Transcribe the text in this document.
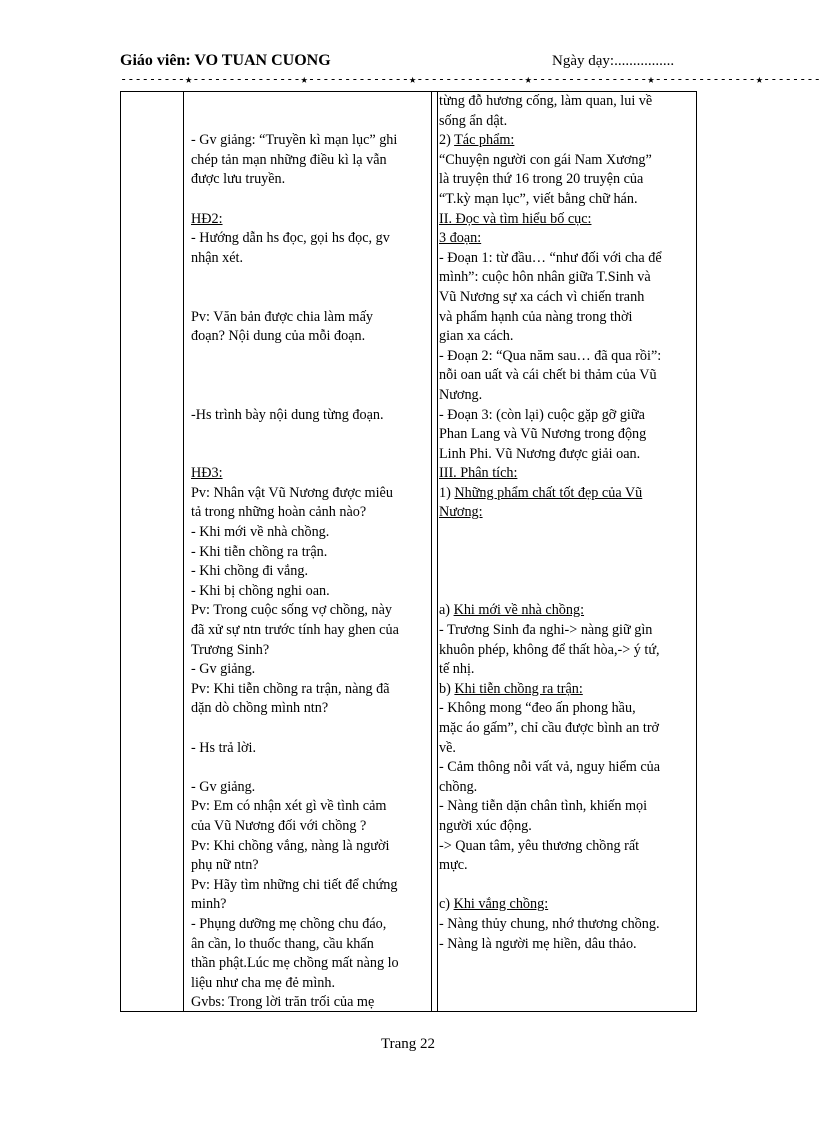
Giáo viên: VO TUAN CUONG	Ngày dạy:................
---------★---------------★--------------★---------------★----------------★--------------★--------
- Gv giảng: “Truyền kì mạn lục” ghi
chép tản mạn những điều kì lạ vẫn
được lưu truyền.
HĐ2:
- Hướng dẫn hs đọc, gọi hs đọc, gv
nhận xét.
Pv: Văn bản được chia làm mấy
đoạn? Nội dung của mỗi đoạn.
-Hs trình bày nội dung từng đoạn.
HĐ3:
Pv: Nhân vật Vũ Nương được miêu
tả trong những hoàn cảnh nào?
- Khi mới về nhà chồng.
- Khi tiễn chồng ra trận.
- Khi chồng đi vắng.
- Khi bị chồng nghi oan.
Pv: Trong cuộc sống vợ chồng, này
đã xử sự ntn trước tính hay ghen của
Trương Sinh?
- Gv giảng.
Pv: Khi tiễn chồng ra trận, nàng đã
dặn dò chồng mình ntn?
- Hs trả lời.
- Gv giảng.
Pv: Em có nhận xét gì về tình cảm
của Vũ Nương đối với chồng ?
Pv: Khi chồng vắng, nàng là người
phụ nữ ntn?
Pv: Hãy tìm những chi tiết để chứng
minh?
- Phụng dưỡng mẹ chồng chu đáo,
ân cần, lo thuốc thang, cầu khấn
thần phật.Lúc mẹ chồng mất nàng lo
liệu như cha mẹ đẻ mình.
Gvbs: Trong lời trăn trối của mẹ
từng đỗ hương cống, làm quan, lui về
sống ẩn dật.
2) Tác phẩm:
“Chuyện người con gái Nam Xương”
là truyện thứ 16 trong 20 truyện của
“T.kỳ mạn lục”, viết bằng chữ hán.
II. Đọc và tìm hiểu bố cục:
3 đoạn:
- Đoạn 1: từ đầu… “như đối với cha để
mình”: cuộc hôn nhân giữa T.Sinh và
Vũ Nương sự xa cách vì chiến tranh
và phẩm hạnh của nàng trong thời
gian xa cách.
- Đoạn 2: “Qua năm sau… đã qua rồi”:
nỗi oan uất và cái chết bi thảm của Vũ
Nương.
- Đoạn 3: (còn lại) cuộc gặp gỡ giữa
Phan Lang và Vũ Nương trong động
Linh Phi. Vũ Nương được giải oan.
III. Phân tích:
1) Những phẩm chất tốt đẹp của Vũ
Nương:
a) Khi mới về nhà chồng:
- Trương Sinh đa nghi-> nàng giữ gìn
khuôn phép, không để thất hòa,-> ý tứ,
tế nhị.
b) Khi tiễn chồng ra trận:
- Không mong “đeo ấn phong hầu,
mặc áo gấm”, chỉ cầu được bình an trở
về.
- Cảm thông nỗi vất vả, nguy hiểm của
chồng.
- Nàng tiễn dặn chân tình, khiến mọi
người xúc động.
-> Quan tâm, yêu thương chồng rất
mực.
c) Khi vắng chồng:
- Nàng thủy chung, nhớ thương chồng.
- Nàng là người mẹ hiền, dâu thảo.
Trang 22
